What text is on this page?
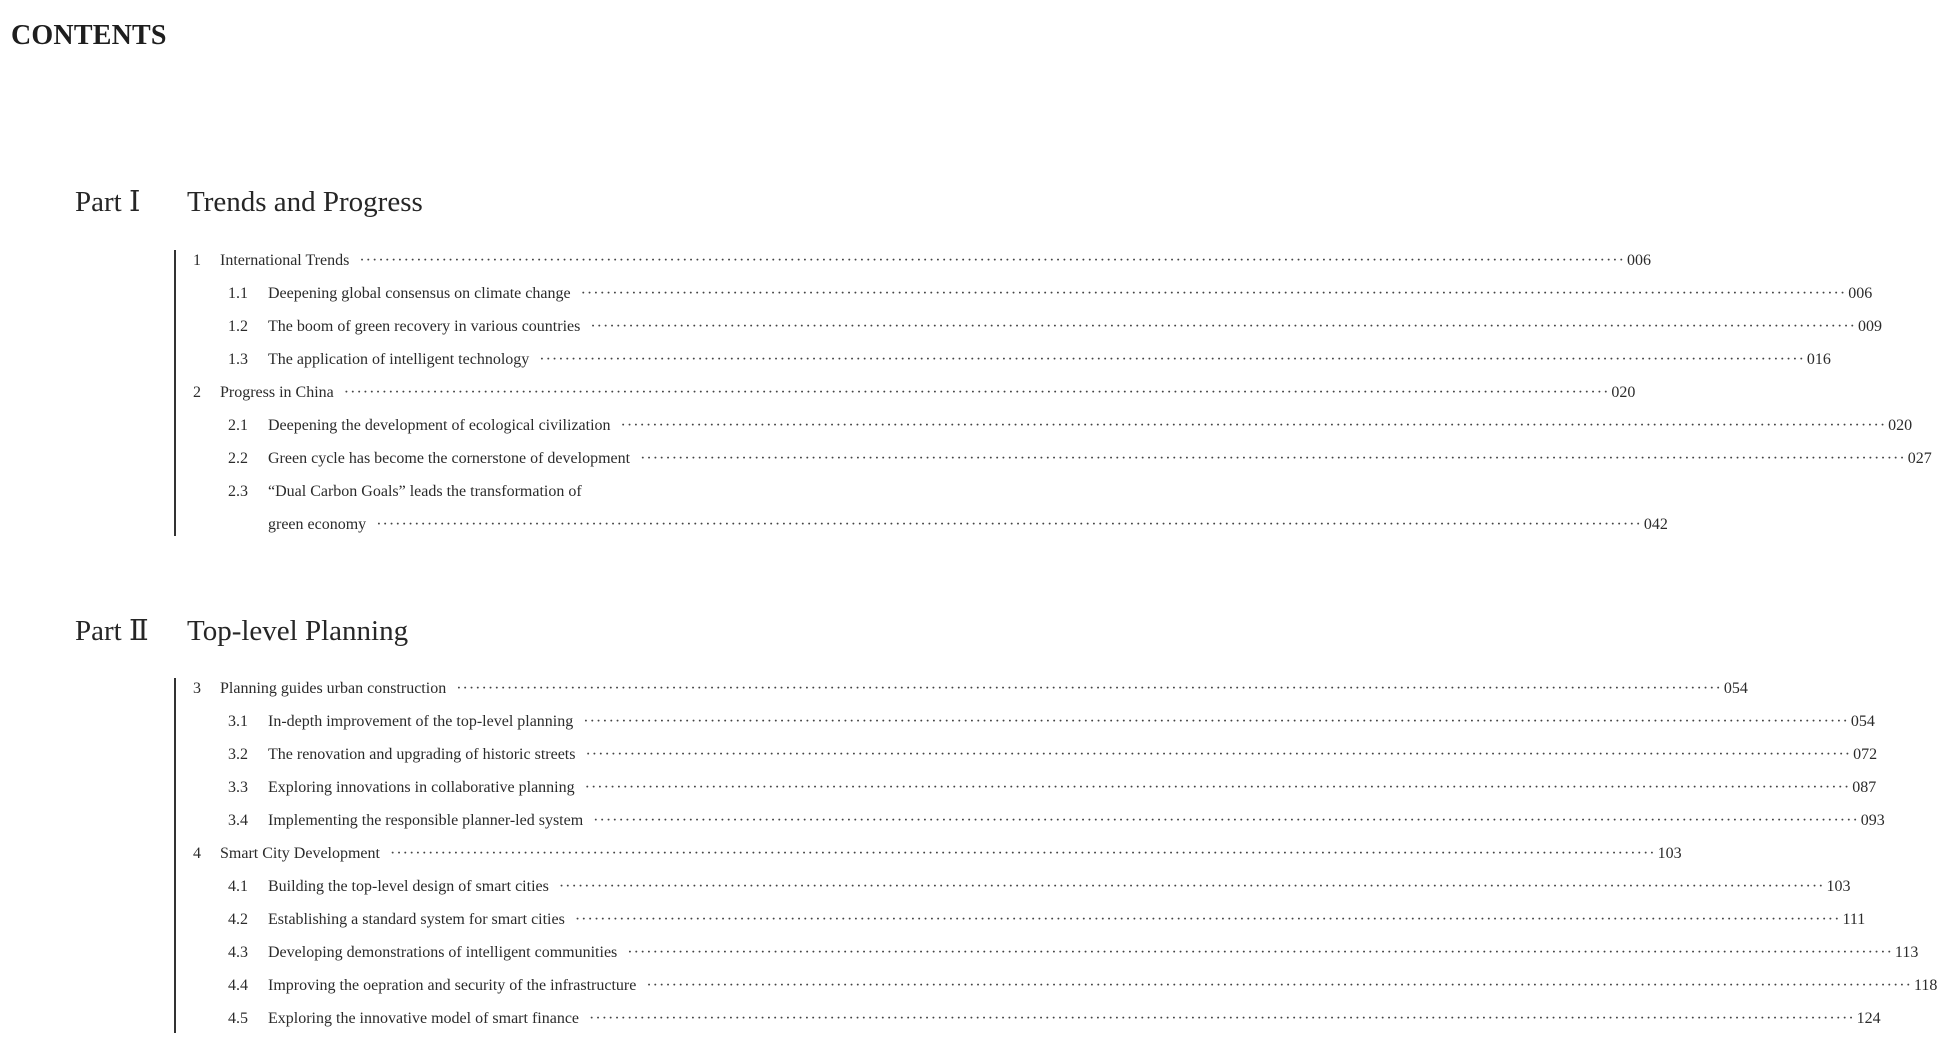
CONTENTS
Part Ⅰ Trends and Progress
1	International Trends ········································································································································································································ 006
1.1	Deepening global consensus on climate change ········································································································································································································ 006
1.2	The boom of green recovery in various countries ········································································································································································································ 009
1.3	The application of intelligent technology ········································································································································································································ 016
2	Progress in China ········································································································································································································ 020
2.1	Deepening the development of ecological civilization ········································································································································································································ 020
2.2	Green cycle has become the cornerstone of development ········································································································································································································ 027
2.3	“Dual Carbon Goals” leads the transformation of
green economy ········································································································································································································ 042
Part Ⅱ Top-level Planning
3	Planning guides urban construction ········································································································································································································ 054
3.1	In-depth improvement of the top-level planning ········································································································································································································ 054
3.2	The renovation and upgrading of historic streets ········································································································································································································ 072
3.3	Exploring innovations in collaborative planning ········································································································································································································ 087
3.4	Implementing the responsible planner-led system ········································································································································································································ 093
4	Smart City Development ········································································································································································································ 103
4.1	Building the top-level design of smart cities ········································································································································································································ 103
4.2	Establishing a standard system for smart cities ········································································································································································································ 111
4.3	Developing demonstrations of intelligent communities ········································································································································································································ 113
4.4	Improving the oepration and security of the infrastructure ········································································································································································································ 118
4.5	Exploring the innovative model of smart finance ········································································································································································································ 124
